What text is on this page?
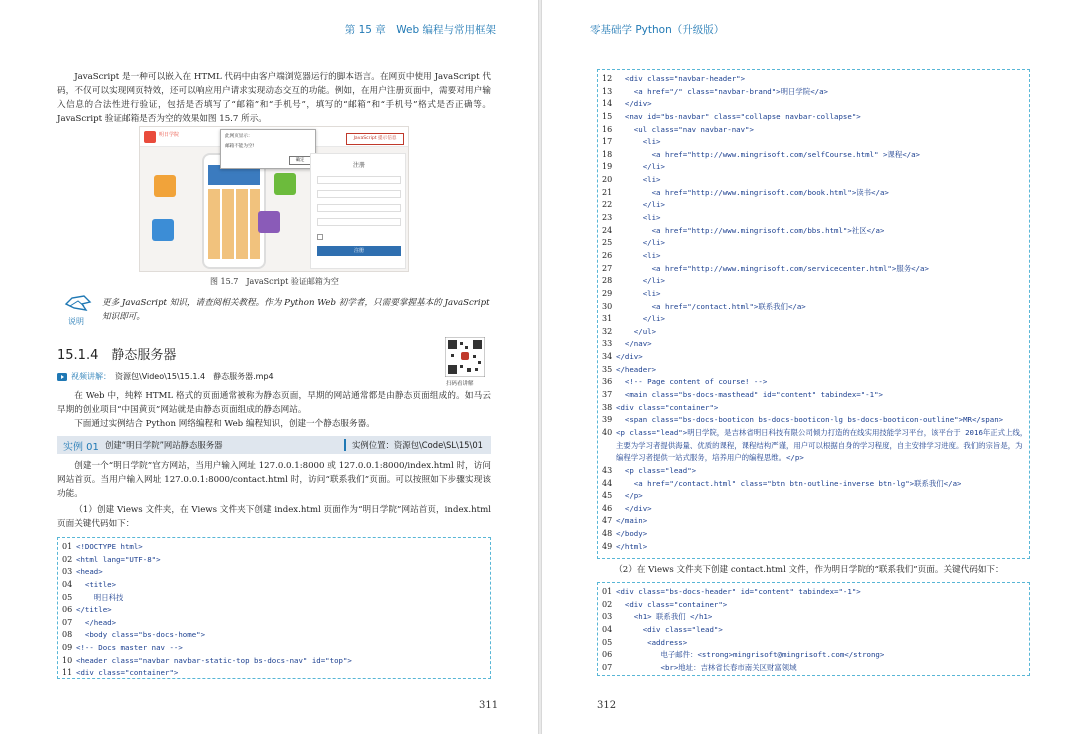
第 15 章　Web 编程与常用框架

JavaScript 是一种可以嵌入在 HTML 代码中由客户端浏览器运行的脚本语言。在网页中使用 JavaScript 代码，不仅可以实现网页特效，还可以响应用户请求实现动态交互的功能。例如，在用户注册页面中，需要对用户输入信息的合法性进行验证，包括是否填写了“邮箱”和“手机号”，填写的“邮箱”和“手机号”格式是否正确等。JavaScript 验证邮箱是否为空的效果如图 15.7 所示。

明日学院	此网页显示：
邮箱不能为空!
确定
JavaScript 提示信息
注册
注册
图 15.7　JavaScript 验证邮箱为空
说明

更多 JavaScript 知识，请查阅相关教程。作为 Python Web 初学者，只需要掌握基本的 JavaScript 知识即可。

15.1.4　静态服务器
扫码看讲解
视频讲解： 资源包\Video\15\15.1.4　静态服务器.mp4

在 Web 中，纯粹 HTML 格式的页面通常被称为静态页面，早期的网站通常都是由静态页面组成的。如马云早期的创业项目“中国黄页”网站就是由静态页面组成的静态网站。

下面通过实例结合 Python 网络编程和 Web 编程知识，创建一个静态服务器。

实例 01 创建“明日学院”网站静态服务器	实例位置：资源包\Code\SL\15\01

创建一个“明日学院”官方网站，当用户输入网址 127.0.0.1:8000 或 127.0.0.1:8000/index.html 时，访问网站首页。当用户输入网址 127.0.0.1:8000/contact.html 时，访问“联系我们”页面。可以按照如下步骤实现该功能。

（1）创建 Views 文件夹，在 Views 文件夹下创建 index.html 页面作为“明日学院”网站首页，index.html 页面关键代码如下：

01 <!DOCTYPE html>
02 <html lang="UTF-8">
03 <head>
04 <title>
05 明日科技
06 </title>
07 </head>
08 <body class="bs-docs-home">
09 <!-- Docs master nav -->
10 <header class="navbar navbar-static-top bs-docs-nav" id="top">
11 <div class="container">
311
零基础学 Python（升级版）
12 <div class="navbar-header">
13 <a href="/" class="navbar-brand">明日学院</a>
14 </div>
15 <nav id="bs-navbar" class="collapse navbar-collapse">
16 <ul class="nav navbar-nav">
17 <li>
18 <a href="http://www.mingrisoft.com/selfCourse.html" >课程</a>
19 </li>
20 <li>
21 <a href="http://www.mingrisoft.com/book.html">读书</a>
22 </li>
23 <li>
24 <a href="http://www.mingrisoft.com/bbs.html">社区</a>
25 </li>
26 <li>
27 <a href="http://www.mingrisoft.com/servicecenter.html">服务</a>
28 </li>
29 <li>
30 <a href="/contact.html">联系我们</a>
31 </li>
32 </ul>
33 </nav>
34 </div>
35 </header>
36 <!-- Page content of course! -->
37 <main class="bs-docs-masthead" id="content" tabindex="-1">
38 <div class="container">
39 <span class="bs-docs-booticon bs-docs-booticon-lg bs-docs-booticon-outline">MR</span>
40 <p class="lead">明日学院，是吉林省明日科技有限公司倾力打造的在线实用技能学习平台，该平台于 2016年正式上线，主要为学习者提供海量、优质的课程，课程结构严谨，用户可以根据自身的学习程度，自主安排学习进度。我们的宗旨是，为编程学习者提供一站式服务，培养用户的编程思维。</p>
43 <p class="lead">
44 <a href="/contact.html" class="btn btn-outline-inverse btn-lg">联系我们</a>
45 </p>
46 </div>
47 </main>
48 </body>
49 </html>

（2）在 Views 文件夹下创建 contact.html 文件，作为明日学院的“联系我们”页面。关键代码如下：

01 <div class="bs-docs-header" id="content" tabindex="-1">
02 <div class="container">
03 <h1> 联系我们 </h1>
04 <div class="lead">
05 <address>
06 电子邮件：<strong>mingrisoft@mingrisoft.com</strong>
07 <br>地址：吉林省长春市南关区财富领域
312
